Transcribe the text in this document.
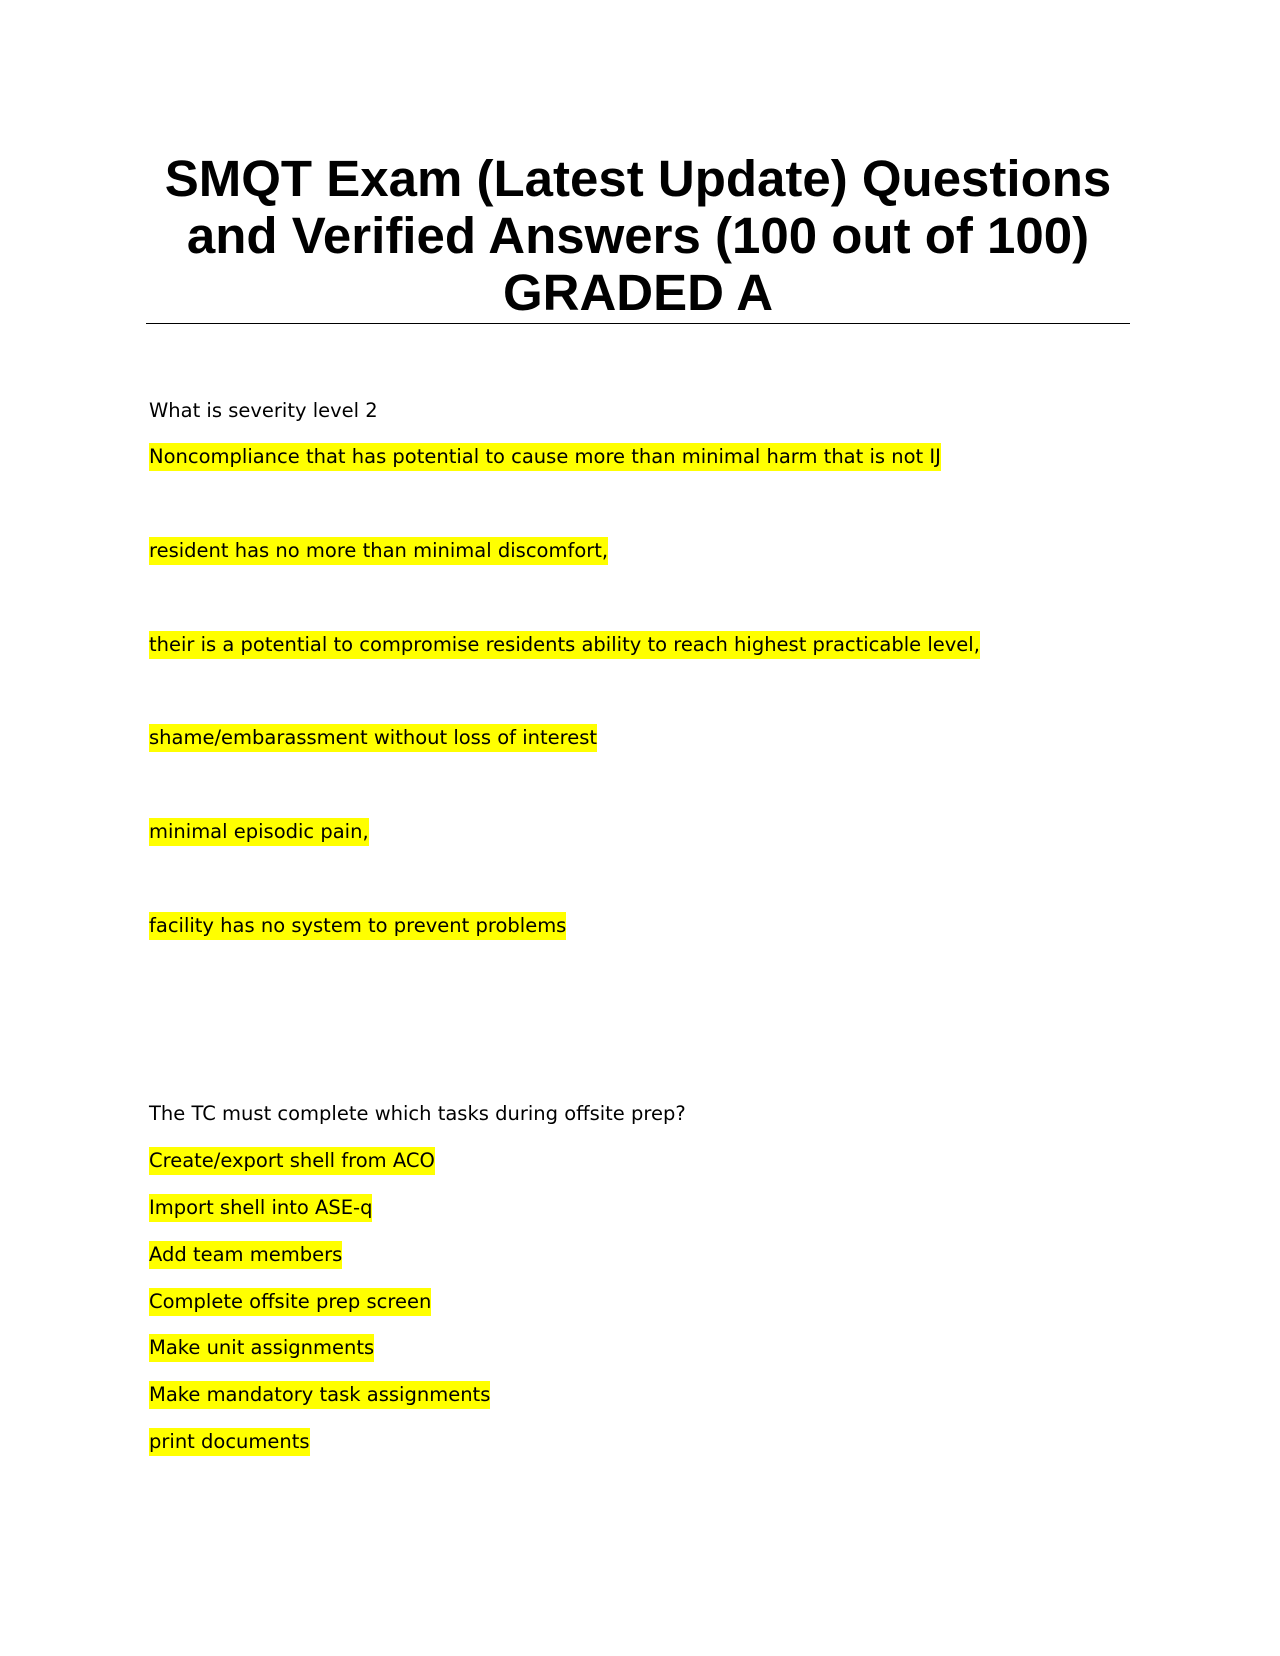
SMQT Exam (Latest Update) Questions
and Verified Answers (100 out of 100)
GRADED A

What is severity level 2

Noncompliance that has potential to cause more than minimal harm that is not IJ

resident has no more than minimal discomfort,

their is a potential to compromise residents ability to reach highest practicable level,

shame/embarassment without loss of interest

minimal episodic pain,

facility has no system to prevent problems

The TC must complete which tasks during offsite prep?

Create/export shell from ACO

Import shell into ASE-q

Add team members

Complete offsite prep screen

Make unit assignments

Make mandatory task assignments

print documents
